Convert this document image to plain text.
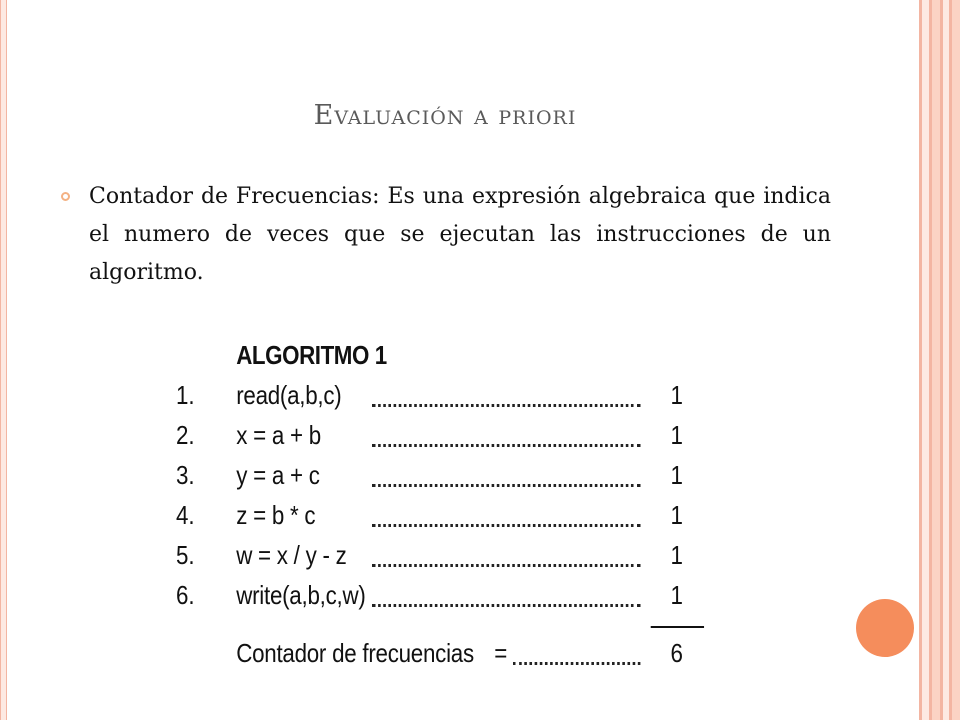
Evaluación a priori

Contador de Frecuencias: Es una expresión algebraica que indica el numero de veces que se ejecutan las instrucciones de un algoritmo.

ALGORITMO 1
1. read(a,b,c)	1
2. x = a + b	1
3. y = a + c	1
4. z = b * c	1
5. w = x / y - z	1
6. write(a,b,c,w)	1
Contador de frecuencias =	6
